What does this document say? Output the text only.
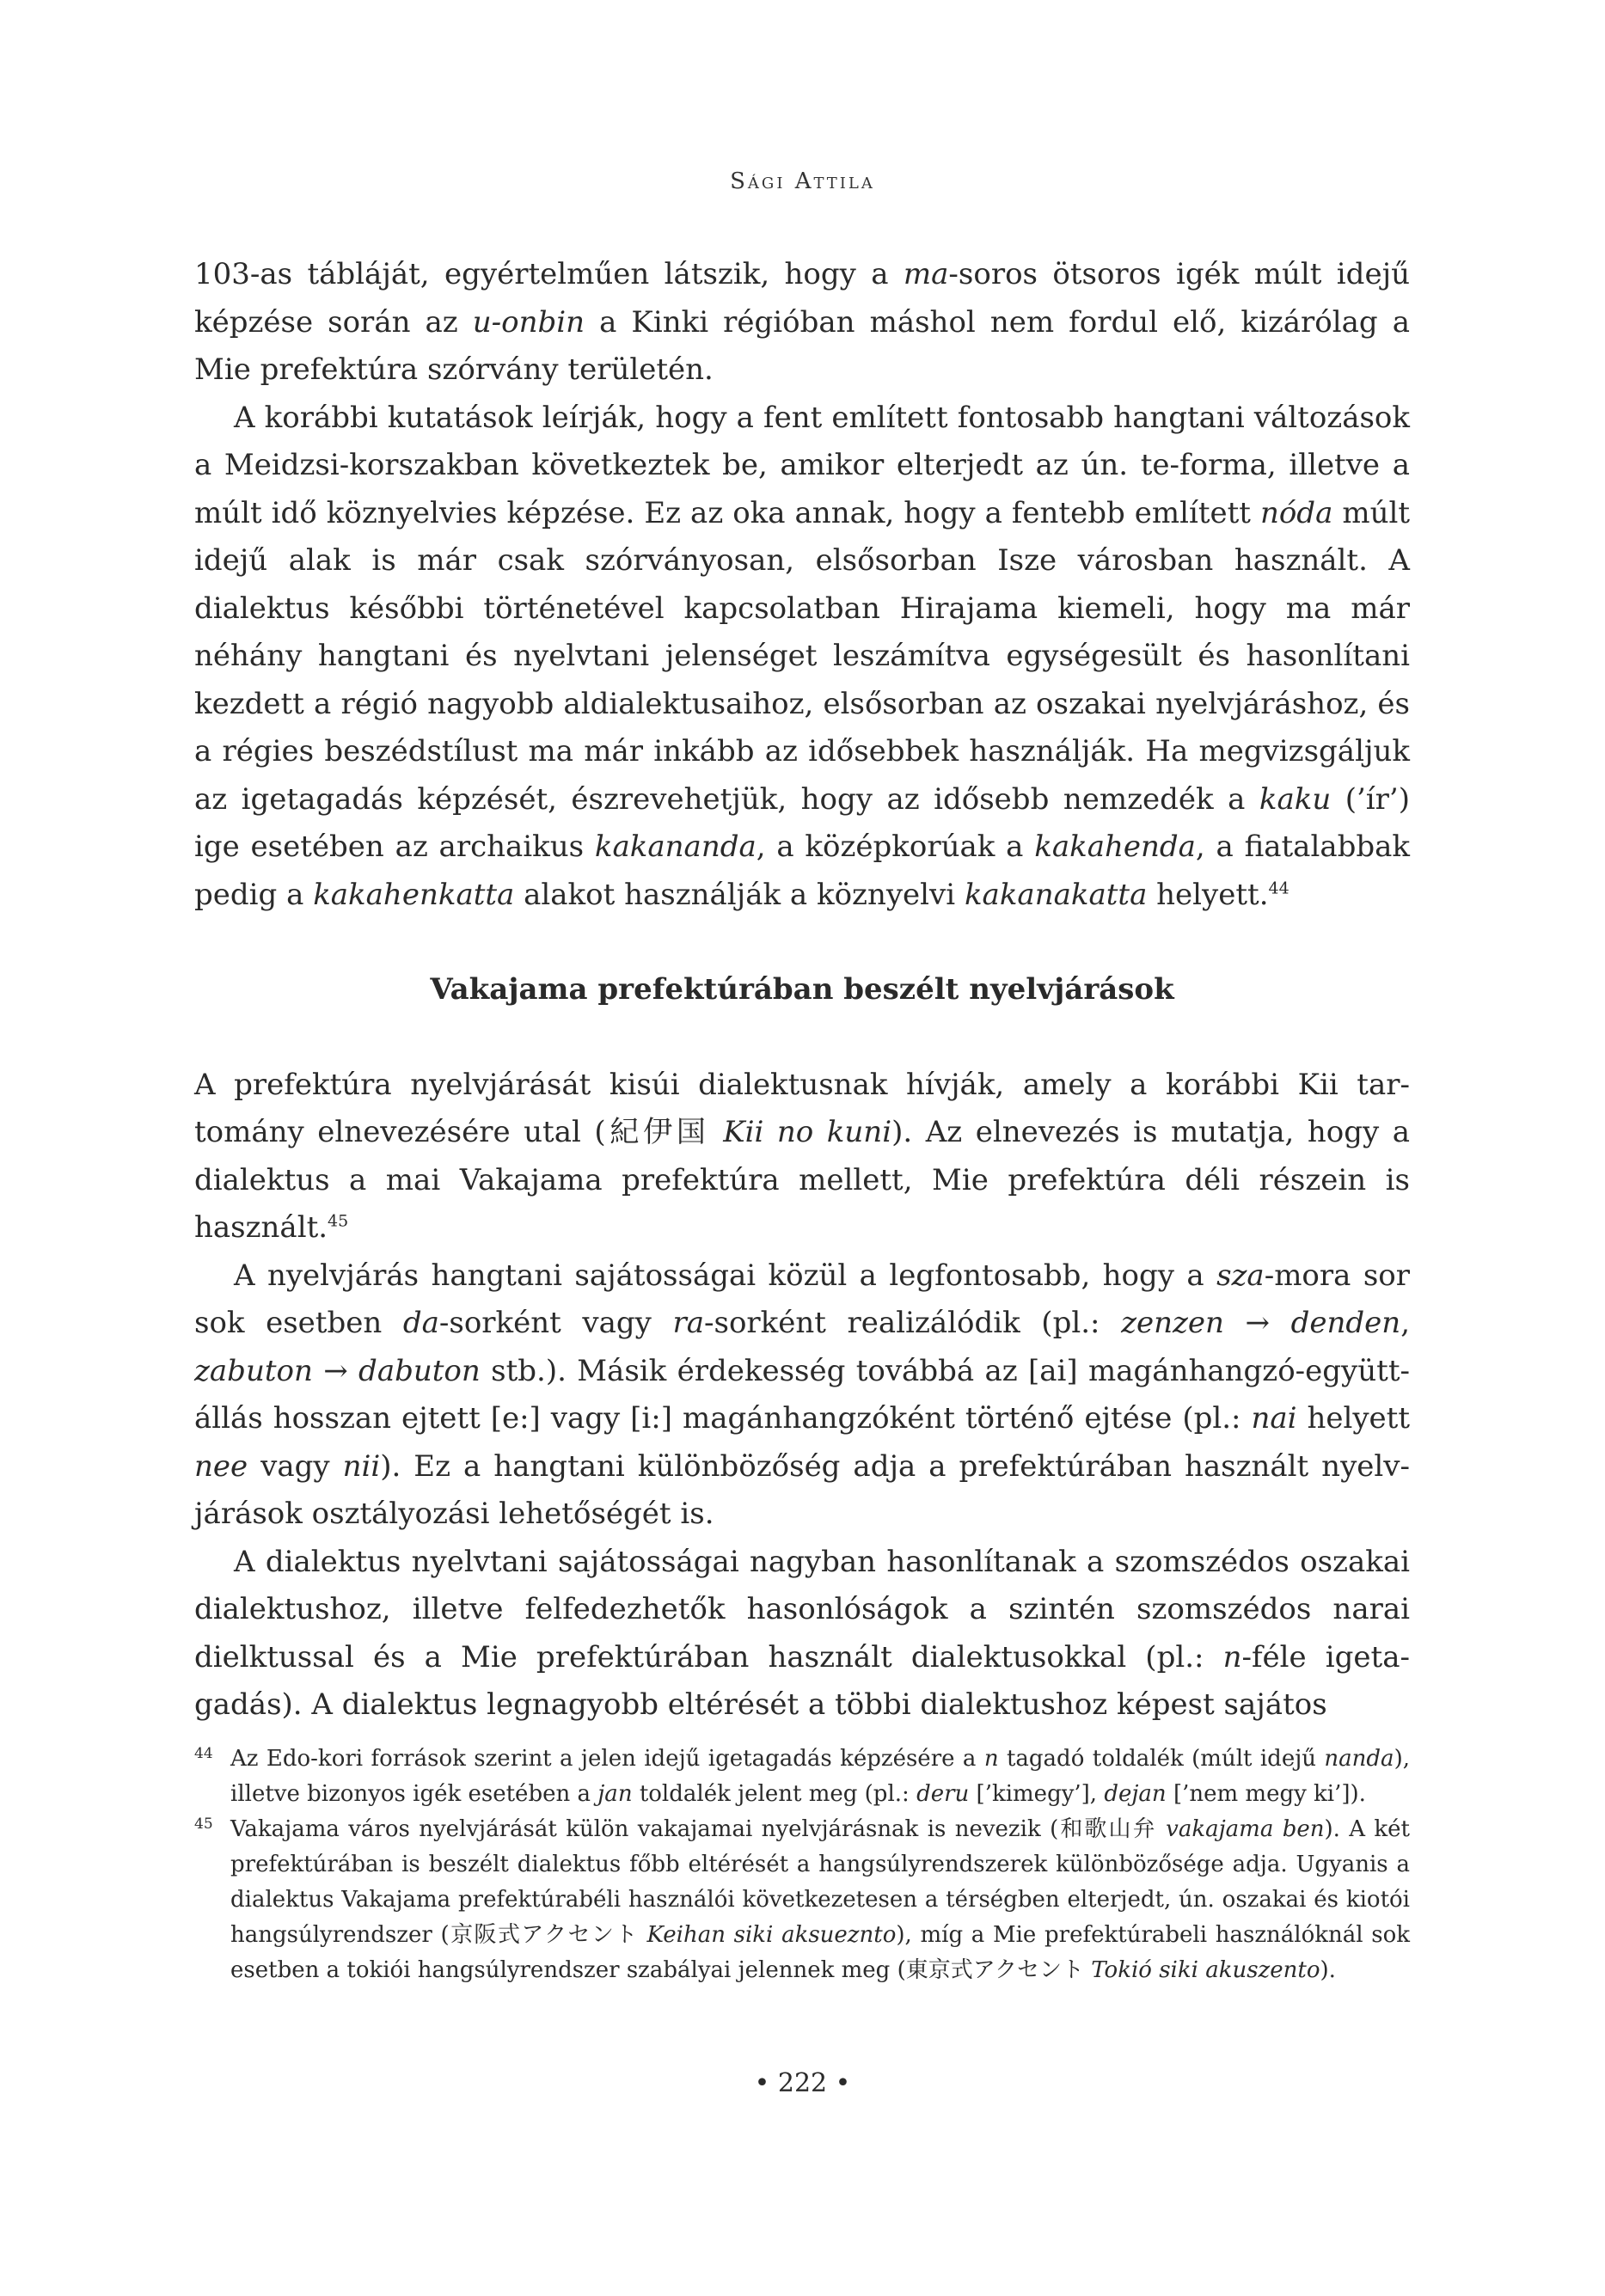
Sági Attila

103-as tábláját, egyértelműen látszik, hogy a ma-soros ötsoros igék múlt idejű képzése során az u-onbin a Kinki régióban máshol nem fordul elő, kizárólag a Mie prefektúra szórvány területén.

A korábbi kutatások leírják, hogy a fent említett fontosabb hangtani változások a Meidzsi-korszakban következtek be, amikor elterjedt az ún. te-forma, illetve a múlt idő köznyelvies képzése. Ez az oka annak, hogy a fentebb említett nóda múlt idejű alak is már csak szórványosan, elsősorban Isze városban használt. A dialektus későbbi történetével kapcsolatban Hirajama kiemeli, hogy ma már néhány hangtani és nyelvtani jelenséget leszámítva egységesült és hasonlítani kezdett a régió nagyobb aldialektusaihoz, elsősorban az oszakai nyelvjáráshoz, és a régies beszédstílust ma már inkább az idősebbek használják. Ha megvizsgáljuk az igetagadás képzését, észrevehetjük, hogy az idősebb nemzedék a kaku (’ír’) ige esetében az archaikus kakananda, a középkorúak a kakahenda, a fiatalabbak pedig a kakahenkatta alakot használják a köznyelvi kakanakatta helyett.$^{44}$

Vakajama prefektúrában beszélt nyelvjárások

A prefektúra nyelvjárását kisúi dialektusnak hívják, amely a korábbi Kii tartomány elnevezésére utal (紀伊国 Kii no kuni). Az elnevezés is mutatja, hogy a dialektus a mai Vakajama prefektúra mellett, Mie prefektúra déli részein is használt.$^{45}$

A nyelvjárás hangtani sajátosságai közül a legfontosabb, hogy a sza-mora sor sok esetben da-sorként vagy ra-sorként realizálódik (pl.: zenzen → denden, zabuton → dabuton stb.). Másik érdekesség továbbá az [ai] magánhangzó-együttállás hosszan ejtett [e:] vagy [i:] magánhangzóként történő ejtése (pl.: nai helyett nee vagy nii). Ez a hangtani különbözőség adja a prefektúrában használt nyelvjárások osztályozási lehetőségét is.

A dialektus nyelvtani sajátosságai nagyban hasonlítanak a szomszédos oszakai dialektushoz, illetve felfedezhetők hasonlóságok a szintén szomszédos narai dielktussal és a Mie prefektúrában használt dialektusokkal (pl.: n-féle igetagadás). A dialektus legnagyobb eltérését a többi dialektushoz képest sajátos

44 Az Edo-kori források szerint a jelen idejű igetagadás képzésére a n tagadó toldalék (múlt idejű nanda), illetve bizonyos igék esetében a jan toldalék jelent meg (pl.: deru [’kimegy’], dejan [’nem megy ki’]).

45 Vakajama város nyelvjárását külön vakajamai nyelvjárásnak is nevezik (和歌山弁 vakajama ben). A két prefektúrában is beszélt dialektus főbb eltérését a hangsúlyrendszerek különbözősége adja. Ugyanis a dialektus Vakajama prefektúrabéli használói következetesen a térségben elterjedt, ún. oszakai és kiotói hangsúlyrendszer (京阪式アクセント Keihan siki aksueznto), míg a Mie prefektúrabeli használóknál sok esetben a tokiói hangsúlyrendszer szabályai jelennek meg (東京式アクセント Tokió siki akuszento).

• 222 •
